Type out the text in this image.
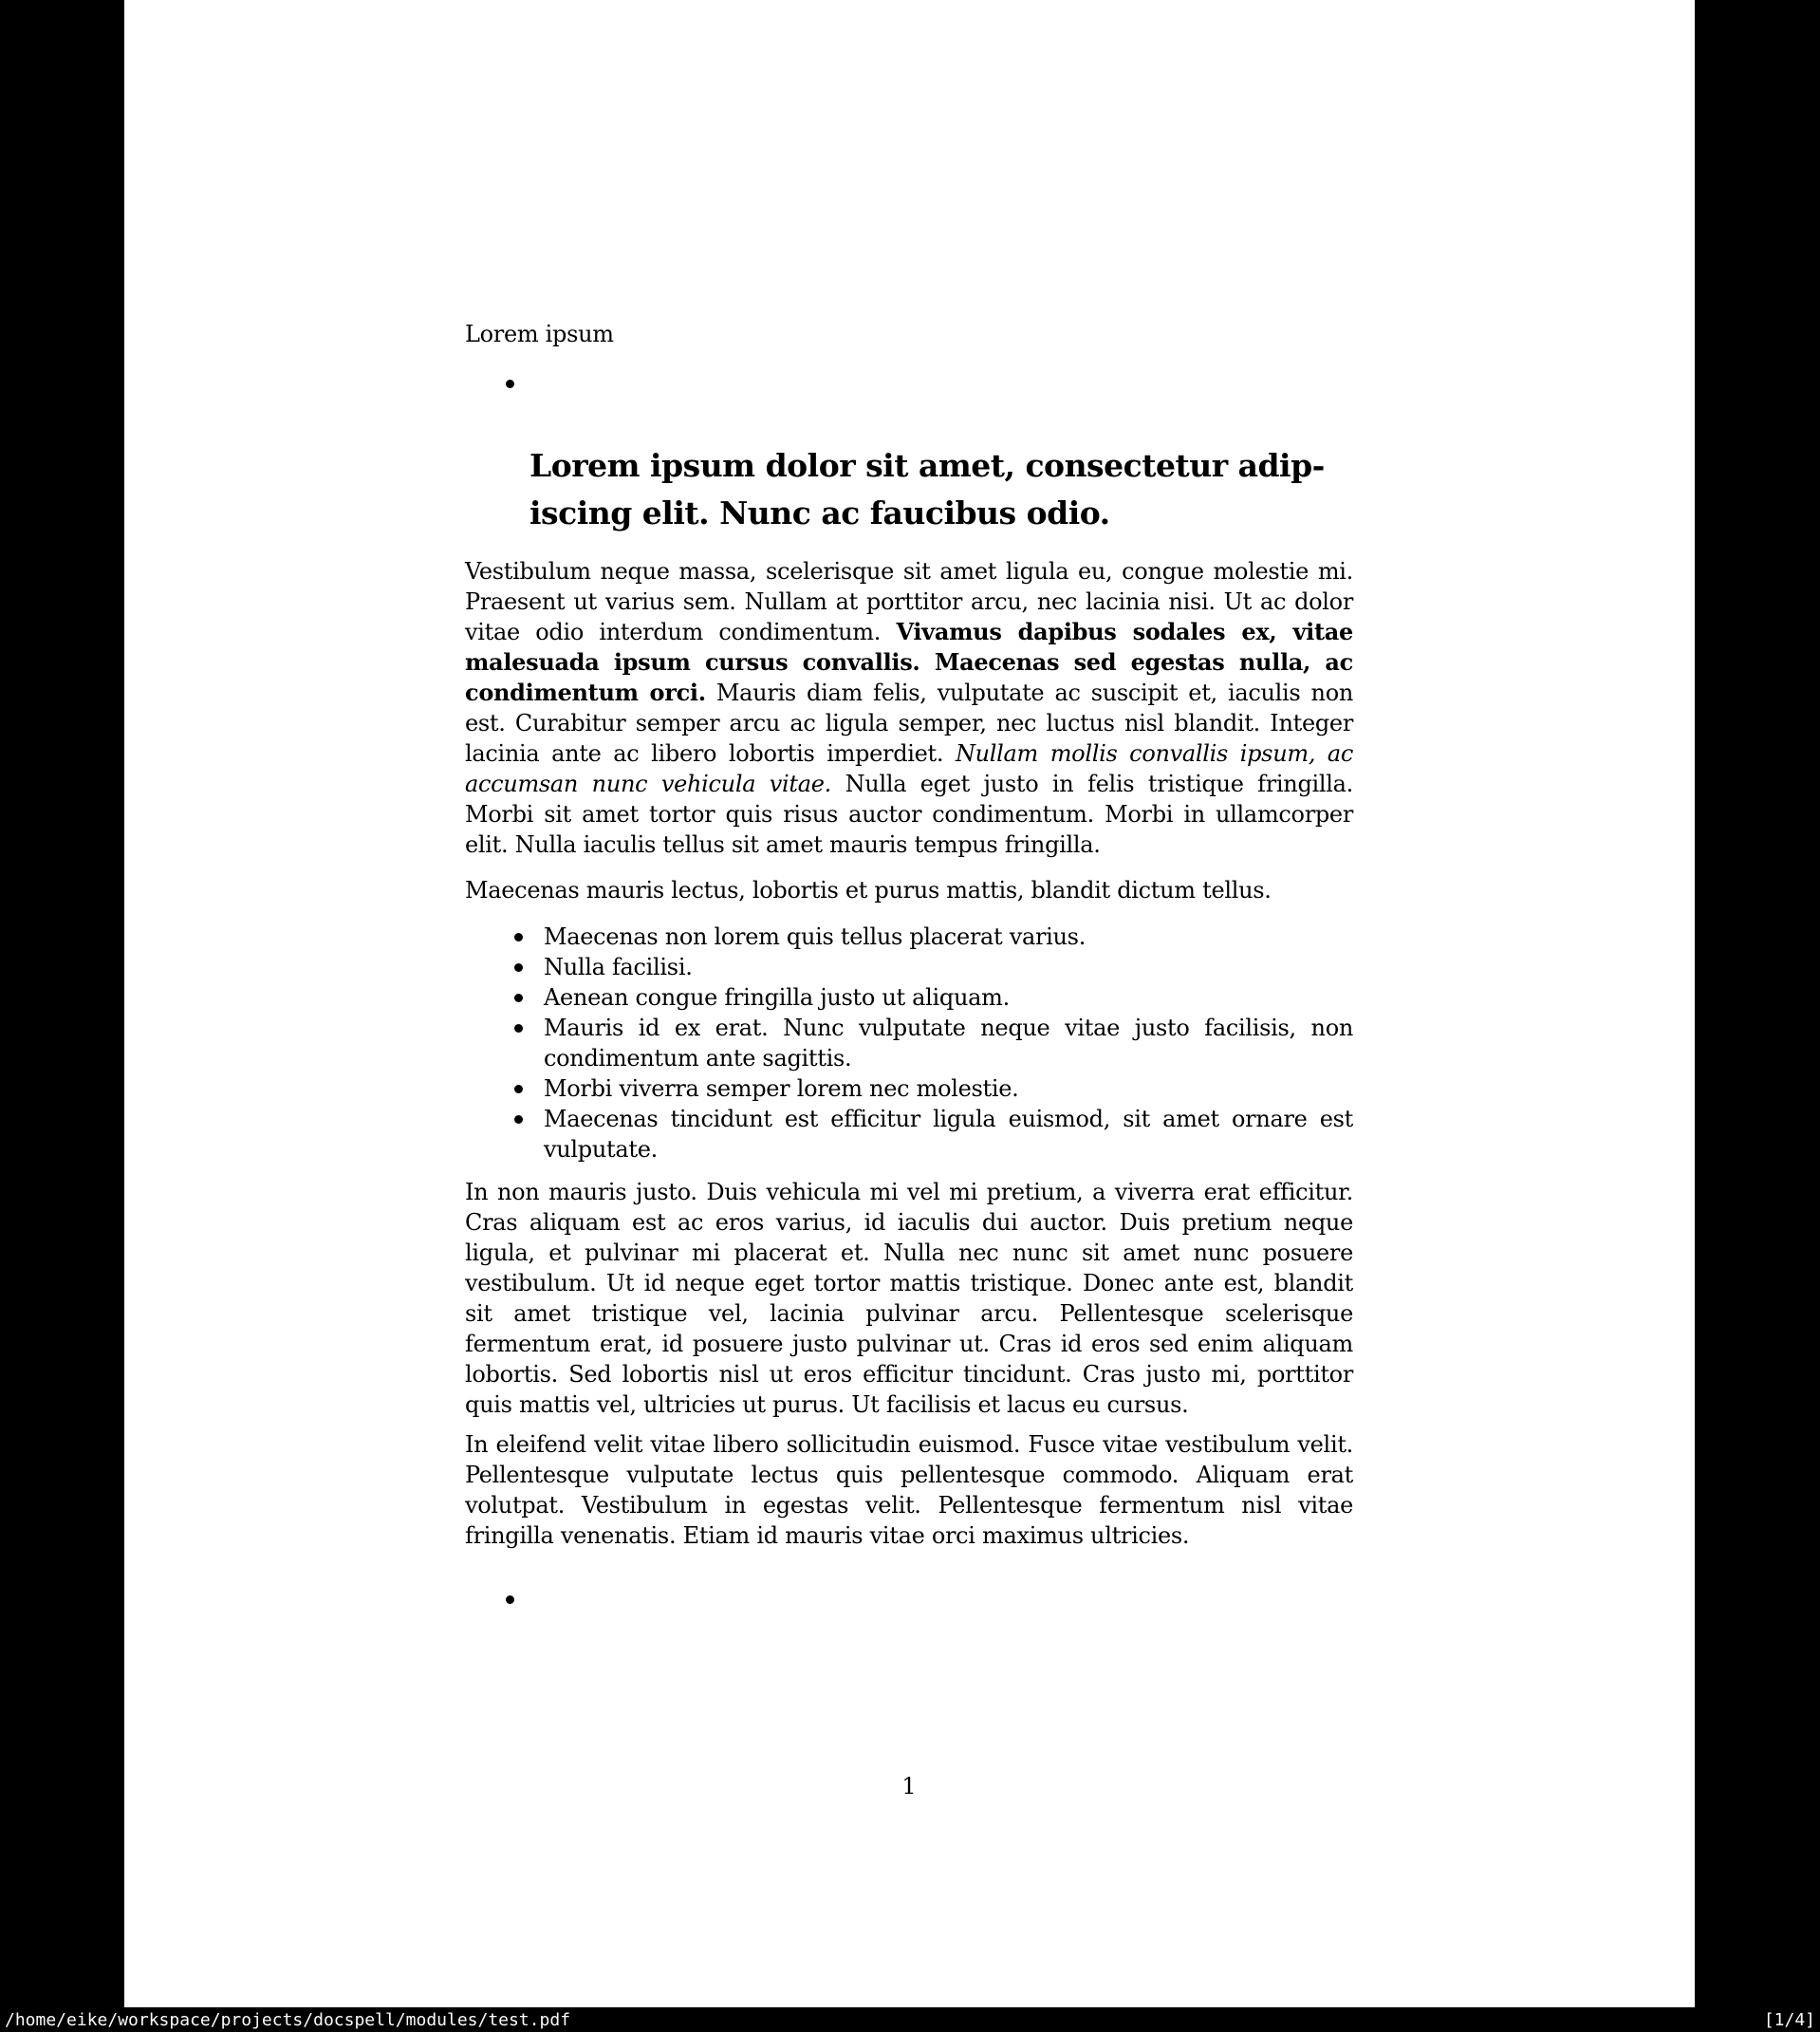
Lorem ipsum
Lorem ipsum dolor sit amet, consectetur adip-
iscing elit. Nunc ac faucibus odio.
Vestibulum neque massa, scelerisque sit amet ligula eu, congue molestie mi. Praesent ut varius sem. Nullam at porttitor arcu, nec lacinia nisi. Ut ac dolor vitae odio interdum condimentum. Vivamus dapibus sodales ex, vitae malesuada ipsum cursus convallis. Maecenas sed egestas nulla, ac condimentum orci. Mauris diam felis, vulputate ac suscipit et, iaculis non est. Curabitur semper arcu ac ligula semper, nec luctus nisl blandit. Integer lacinia ante ac libero lobortis imperdiet. Nullam mollis convallis ipsum, ac accumsan nunc vehicula vitae. Nulla eget justo in felis tristique fringilla. Morbi sit amet tortor quis risus auctor condimentum. Morbi in ullamcorper elit. Nulla iaculis tellus sit amet mauris tempus fringilla.
Maecenas mauris lectus, lobortis et purus mattis, blandit dictum tellus.
Maecenas non lorem quis tellus placerat varius.
Nulla facilisi.
Aenean congue fringilla justo ut aliquam.
Mauris id ex erat. Nunc vulputate neque vitae justo facilisis, non condimentum ante sagittis.
Morbi viverra semper lorem nec molestie.
Maecenas tincidunt est efficitur ligula euismod, sit amet ornare est vulputate.
In non mauris justo. Duis vehicula mi vel mi pretium, a viverra erat efficitur. Cras aliquam est ac eros varius, id iaculis dui auctor. Duis pretium neque ligula, et pulvinar mi placerat et. Nulla nec nunc sit amet nunc posuere vestibulum. Ut id neque eget tortor mattis tristique. Donec ante est, blandit sit amet tristique vel, lacinia pulvinar arcu. Pellentesque scelerisque fermentum erat, id posuere justo pulvinar ut. Cras id eros sed enim aliquam lobortis. Sed lobortis nisl ut eros efficitur tincidunt. Cras justo mi, porttitor quis mattis vel, ultricies ut purus. Ut facilisis et lacus eu cursus.
In eleifend velit vitae libero sollicitudin euismod. Fusce vitae vestibulum velit. Pellentesque vulputate lectus quis pellentesque commodo. Aliquam erat volutpat. Vestibulum in egestas velit. Pellentesque fermentum nisl vitae fringilla venenatis. Etiam id mauris vitae orci maximus ultricies.
1
/home/eike/workspace/projects/docspell/modules/test.pdf	[1/4]
